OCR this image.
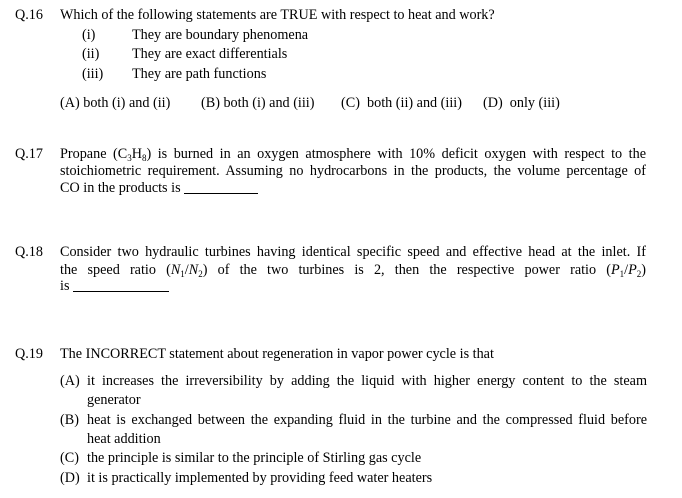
Q.16 Which of the following statements are TRUE with respect to heat and work?
(i)	They are boundary phenomena
(ii) They are exact differentials
(iii) They are path functions
(A) both (i) and (ii) (B) both (i) and (iii) (C)  both (ii) and (iii) (D)  only (iii)
Q.17 Propane $(C_3H_8)$ is burned in an oxygen atmosphere with 10% deficit oxygen with respect to the
stoichiometric requirement. Assuming no hydrocarbons in the products, the volume percentage of
CO in the products is
Q.18 Consider two hydraulic turbines having identical specific speed and effective head at the inlet. If
the speed ratio $(N_1/N_2)$ of the two turbines is 2, then the respective power ratio $(P_1/P_2)$
is
Q.19 The INCORRECT statement about regeneration in vapor power cycle is that
(A) it increases the irreversibility by adding the liquid with higher energy content to the steam
generator
(B) heat is exchanged between the expanding fluid in the turbine and the compressed fluid before
heat addition
(C) the principle is similar to the principle of Stirling gas cycle
(D) it is practically implemented by providing feed water heaters
